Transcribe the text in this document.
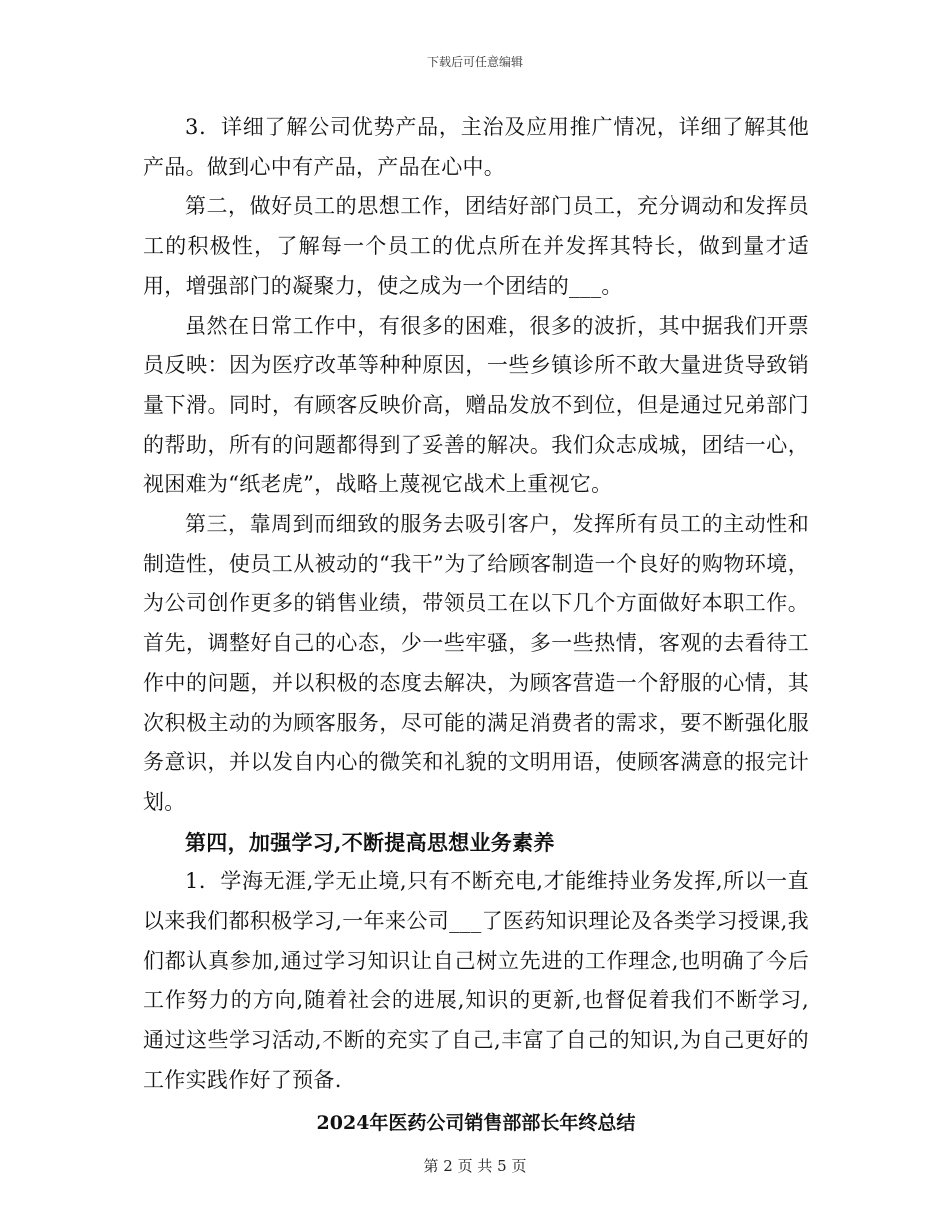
下载后可任意编辑

3．详细了解公司优势产品，主治及应用推广情况，详细了解其他产品。做到心中有产品，产品在心中。

第二，做好员工的思想工作，团结好部门员工，充分调动和发挥员工的积极性，了解每一个员工的优点所在并发挥其特长，做到量才适用，增强部门的凝聚力，使之成为一个团结的___。

虽然在日常工作中，有很多的困难，很多的波折，其中据我们开票员反映：因为医疗改革等种种原因，一些乡镇诊所不敢大量进货导致销量下滑。同时，有顾客反映价高，赠品发放不到位，但是通过兄弟部门的帮助，所有的问题都得到了妥善的解决。我们众志成城，团结一心，视困难为“纸老虎”，战略上蔑视它战术上重视它。

第三，靠周到而细致的服务去吸引客户，发挥所有员工的主动性和制造性，使员工从被动的“我干”为了给顾客制造一个良好的购物环境，为公司创作更多的销售业绩，带领员工在以下几个方面做好本职工作。首先，调整好自己的心态，少一些牢骚，多一些热情，客观的去看待工作中的问题，并以积极的态度去解决，为顾客营造一个舒服的心情，其次积极主动的为顾客服务，尽可能的满足消费者的需求，要不断强化服务意识，并以发自内心的微笑和礼貌的文明用语，使顾客满意的报完计划。

第四，加强学习,不断提高思想业务素养

1．学海无涯,学无止境,只有不断充电,才能维持业务发挥,所以一直以来我们都积极学习,一年来公司___了医药知识理论及各类学习授课,我们都认真参加,通过学习知识让自己树立先进的工作理念,也明确了今后工作努力的方向,随着社会的进展,知识的更新,也督促着我们不断学习,通过这些学习活动,不断的充实了自己,丰富了自己的知识,为自己更好的工作实践作好了预备.

2024年医药公司销售部部长年终总结

第 2 页 共 5 页
